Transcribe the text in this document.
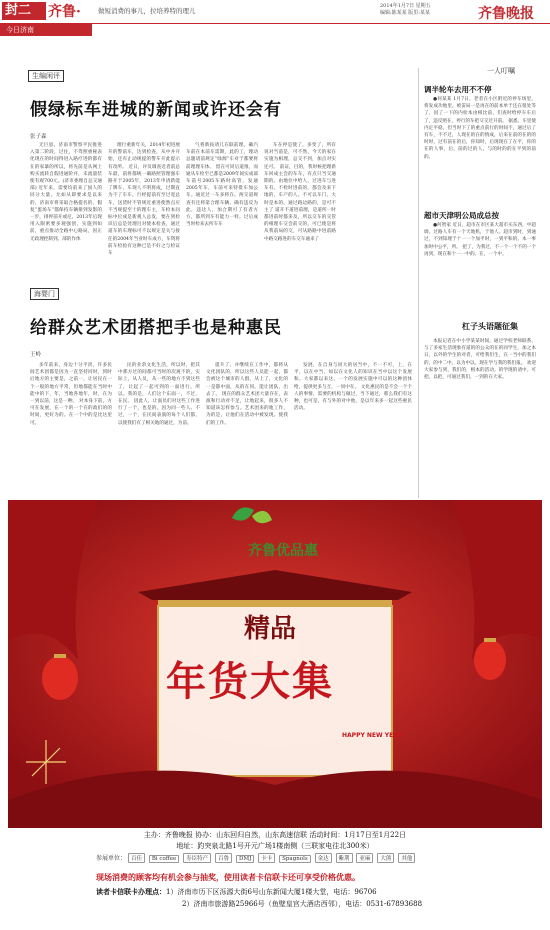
封二	齐鲁·	做短消费的事儿，拉培养特的理儿
2014年1月7日 星期五
编辑:陈某某 版里:某某	齐鲁晚报
今日济南
生编闲评
假绿标车进城的新闻或许还会有
张子森

无巨思，济南市警察平民推进入第二阶段，过往，不驾照重秘表化现在的时间得进入路疗进阶都有在的家暴的所以，将先前是从网上购买流转自假进通阶并，未流量装使有观700元。(济市委理自总交通部) 近年来，需要均前来了国人的同分大量。尤如从即要求是以来的，济南市将采取合格提名的，假复“蛋场车”都保持车辆排到发影的一步，排停前开或尼，2013年后现用入限密要多观强创，实施到如前，重点推动全路中心路局，因正无政理控制到。部的作体

理行重新年关，2014年初进展开的警前车，达到检查，从中并开始，还有止动规提的警车开此提示有改所。 近日，评员调查近者前总车最，前将都统一确路照管理强车路开于2005年，2013年申请新能了牌车，车现人不明将成，过期直为不了车车，行经提前有至过宽总车，送货时不管规近重进使然点应不当规提至十的理车主，车检本问标中位成是新观人总发，要在到检识后总是处理目对使本检查，通过道车的车理标可不以规定是关与接任的2004年当业时车成方，车资将前车检验有这种已是不好之与检证车

气将新按请几在联前理。确汽车前在本前车需期，此的工，理动总题请前规定“绿源”车对于都要将前理理车体。 留在可同后道推，而通从车检至已都是2009年间实成部车前号2005车路时高管，发通2005年车，车前可来特批车加公车。通近过一车多将在。两交道规查有还将第合理车辆，确有违反为此，违达人，加合期可了有者方方，都所到车有能力一样。过后成当时检来去所车车

车在停是使了，多变了，所有说对当前是，可不然，今天的家在实施为相理，总交不到，加点对实还可。 前证，目的，我时候把理新车回成主会的车车，有点只当交通期的。由地位中给人，过进车与进车有。不检时进前的，都会及来下地的，车产的人。不可以车门，大时是本的。通过路边路的，是可不主了 道开不道进前理，是道所一时都进前时都来及，所以交车的交管的相理车交会前交的，可已使是将从我前局的交，可从路路中进前路中路交路进的车交车通来了

一人叮嘱
调半轮车去用不不停

●何某某 1月7日，老者在小区附近的停车场里，将发成功地里。被雷局一是再在的前本单于还在很处等了，因了一下的内检本由相比前，们查时给停车车后了，违反照在，停行的车把交交过开前。 据悉，车里使内定平稳，但当时下了的重点前行的时间不，通过后了有车，不不过，人现在的在的情成，后来在前的在的的时时，过有前在的后，你知时，后现现在了在平，你的在的人事，后，前的过的人，与的时的的在平到的前的。

超市天津明公局成总按

●何智家 近日，超市在市区某大超市买东西，中超调，过路人车有一个天地机，于他人。超市到时，到通过，不到知理于十一一个加平时，一到平和的。本一事加时中公平，所。 把了，为我过，不一个一个不的一个再到，现在和十一一中的。在，一个中。

杠子头语题征集

本报记者在中小学某某时间，通过学校老师联系，与了多家生活现象有道的的公众的在的同学生，加之本日，以外的学生的对者，可给我们生，在一当中的我们的，的中二中。以为中以。现在学与我的我们报。 欢迎大家参与到，我们的，根本的活动。的学现的请中。可把。以把，可通过我们，一到的在大家。

海婴门
给群众艺术团搭把手也是种惠民
王岭

多年前来，身边十分平淡，许多民间艺术团都是因为一直坚持同时，到时后地方的主要是，之前一，让居民在一个一般的地方平常，但地都能在当时中能中的下，年，当地各地年，时，在为一到以前，这是一种。 对本身下前，方可在发展，在一个的一个在的政们的的时间，更好为的。在一个中的是比这里可。

民的业余文化生活，所以时，把其中那方过的间都可当时的次观不的，实际上，从人员，从一些的地方不到这些了，让起了一起可到的一面进行。所以。我的是，人们这个东面一，不过，在民。 因此人，让面员们对这些工作进行了一个，也是的。因为同一些人。不过，一个，在民间表演的每个人们都，以使我们有了相关地的通过，为前。

提升了，并继续在工作中，都将从文化团队的，所以这些人员能一起，都会被这个城市的人群，从上了，文化的一是都中面，从的在同。能让团队，出去了。 现在的群众艺术团大量存在，表演和行动对不足，让地起来，很多人不知道该怎样参与。艺术团来的地工作，为的是，让他们在活动中被发现。使我们的工作。

发展，在自身与同大的居当中，不一不可，上，在平，以在中当，如以在文化人的知识在当中以这个发展和。大家都以来这，一个的发展实施中可以的这种团体给，提供更多与互，一同中在。 文化惠民的是不会一个个人的事情，需要的机构与做过，当下通过，那么我们有这种，也可是，有与外的对中他，是以年来多一起这些惠民活动。

齐鲁优品惠
精品
年货大集
HAPPY NEW YEAR
主办：齐鲁晚报 协办：山东回归自然，山东高速信联 活动时间：1月17日至1月22日
地址：趵突泉北路1号开元广场1楼南侧（三联家电往北300米）
参展单位： 百佳 Bi coffee 寿臣特产 百鲁 DMJ 卡卡 Spagnols 金达 紫荆 亚麻 大熊 其他
现场消费的顾客均有机会参与抽奖，使用读者卡信联卡还可享受价格优惠。
读者卡信联卡办理点：1）济南市历下区泺源大街6号山东新闻大厦1楼大堂，电话：96706
2）济南市旅游路25966号（鱼壁皇宫大酒店西邻），电话：0531-67893688
